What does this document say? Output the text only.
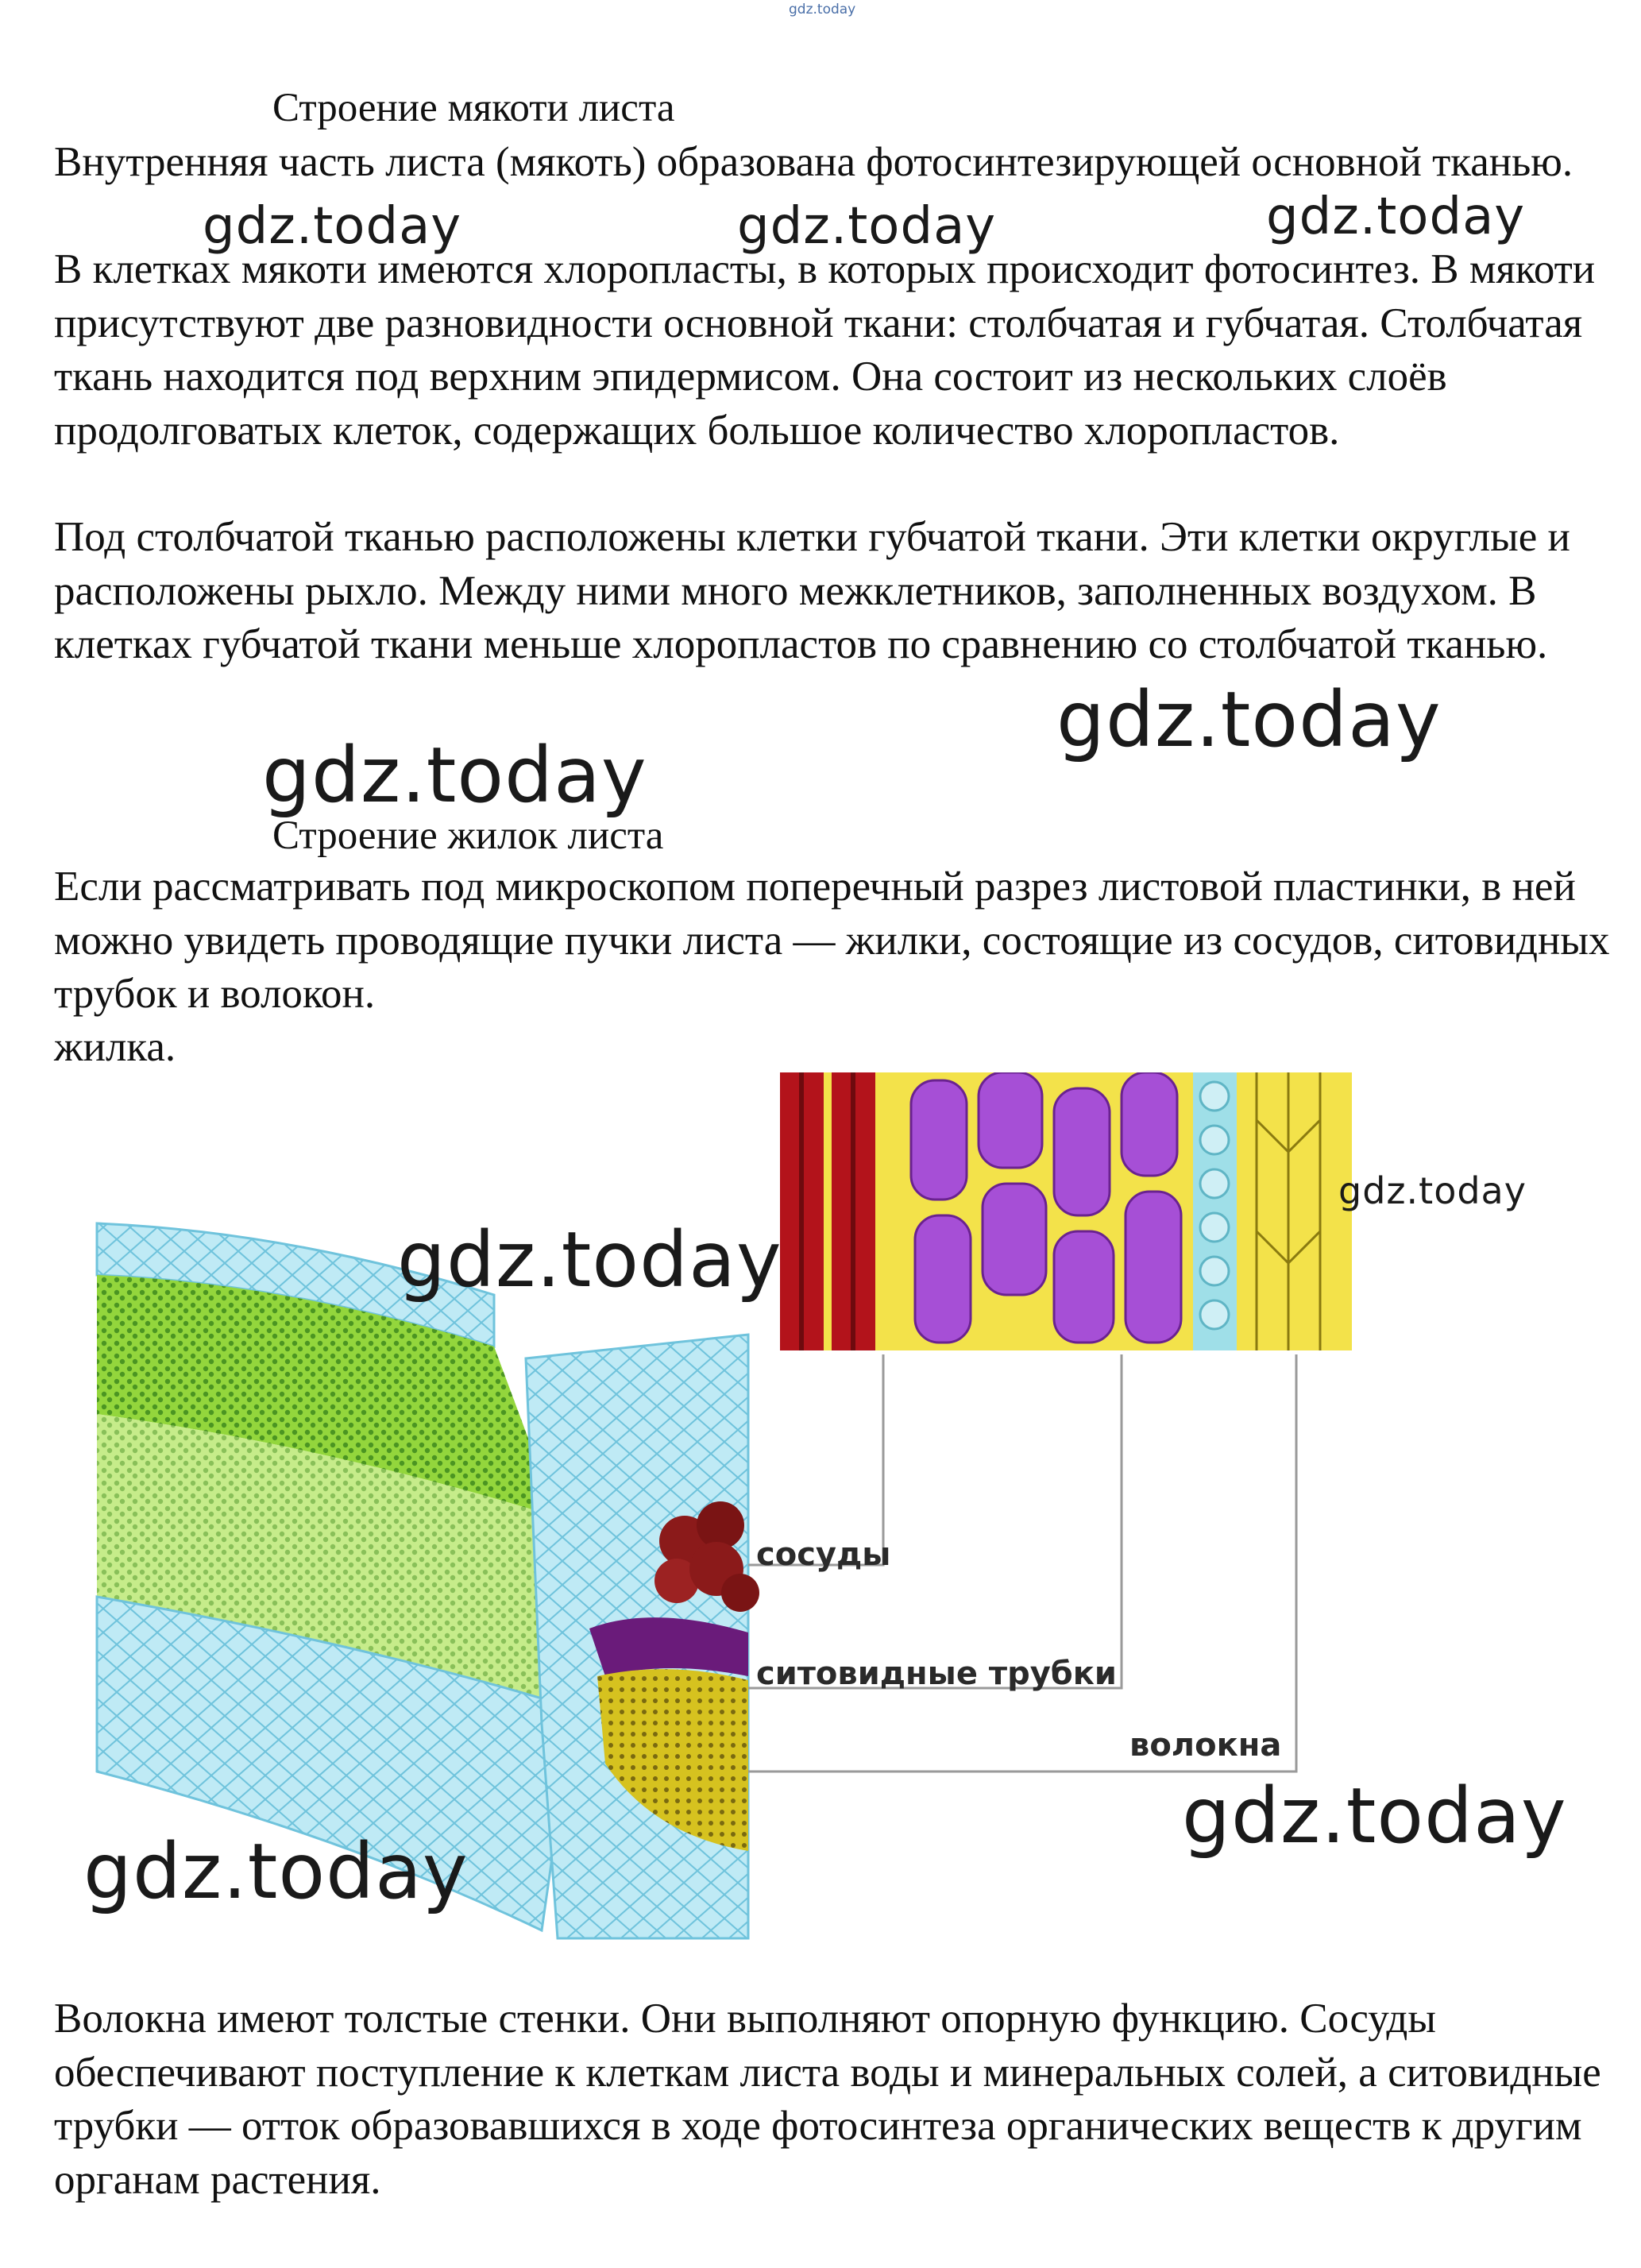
gdz.today
Строение мякоти листа

Внутренняя часть листа (мякоть) образована фотосинтезирующей основной тканью.

В клетках мякоти имеются хлоропласты, в которых происходит фотосинтез. В мякоти присутствуют две разновидности основной ткани: столбчатая и губчатая. Столбчатая ткань находится под верхним эпидермисом. Она состоит из нескольких слоёв продолговатых клеток, содержащих большое количество хлоропластов.

Под столбчатой тканью расположены клетки губчатой ткани. Эти клетки округлые и расположены рыхло. Между ними много межклетников, заполненных воздухом. В клетках губчатой ткани меньше хлоропластов по сравнению со столбчатой тканью.

Строение жилок листа

Если рассматривать под микроскопом поперечный разрез листовой пластинки, в ней можно увидеть проводящие пучки листа — жилки, состоящие из сосудов, ситовидных трубок и волокон.

жилка.

сосуды
ситовидные трубки
волокна

Волокна имеют толстые стенки. Они выполняют опорную функцию. Сосуды обеспечивают поступление к клеткам листа воды и минеральных солей, а ситовидные трубки — отток образовавшихся в ходе фотосинтеза органических веществ к другим органам растения.

gdz.today	gdz.today	gdz.today
gdz.today
gdz.today
gdz.today
gdz.today
gdz.today
gdz.today
